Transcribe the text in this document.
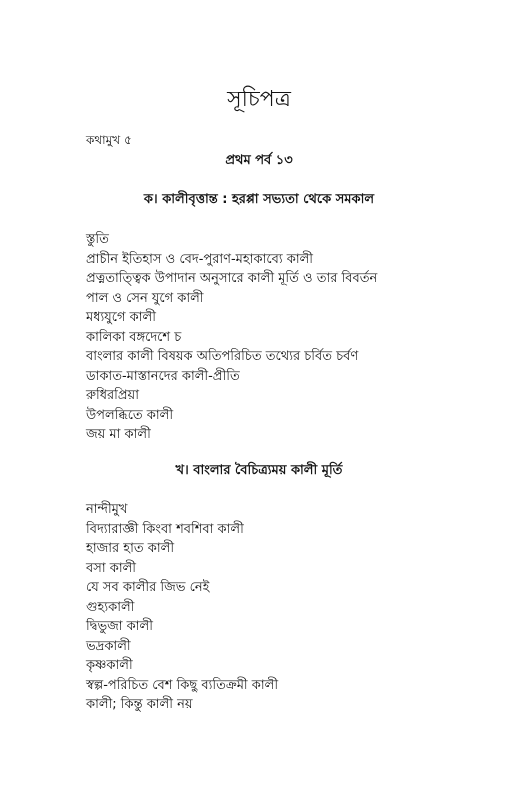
সূচিপত্র
কথামুখ ৫
প্রথম পর্ব ১৩
ক। কালীবৃত্তান্ত : হরপ্পা সভ্যতা থেকে সমকাল
স্তুতি
প্রাচীন ইতিহাস ও বেদ-পুরাণ-মহাকাব্যে কালী
প্রত্নতাত্ত্বিক উপাদান অনুসারে কালী মূর্তি ও তার বিবর্তন
পাল ও সেন যুগে কালী
মধ্যযুগে কালী
কালিকা বঙ্গদেশে চ
বাংলার কালী বিষয়ক অতিপরিচিত তথ্যের চর্বিত চর্বণ
ডাকাত-মাস্তানদের কালী-প্রীতি
রুধিরপ্রিয়া
উপলব্ধিতে কালী
জয় মা কালী
খ। বাংলার বৈচিত্র্যময় কালী মূর্তি
নান্দীমুখ
বিদ্যারাজ্ঞী কিংবা শবশিবা কালী
হাজার হাত কালী
বসা কালী
যে সব কালীর জিভ নেই
গুহ্যকালী
দ্বিভুজা কালী
ভদ্রকালী
কৃষ্ণকালী
স্বল্প-পরিচিত বেশ কিছু ব্যতিক্রমী কালী
কালী; কিন্তু কালী নয়
